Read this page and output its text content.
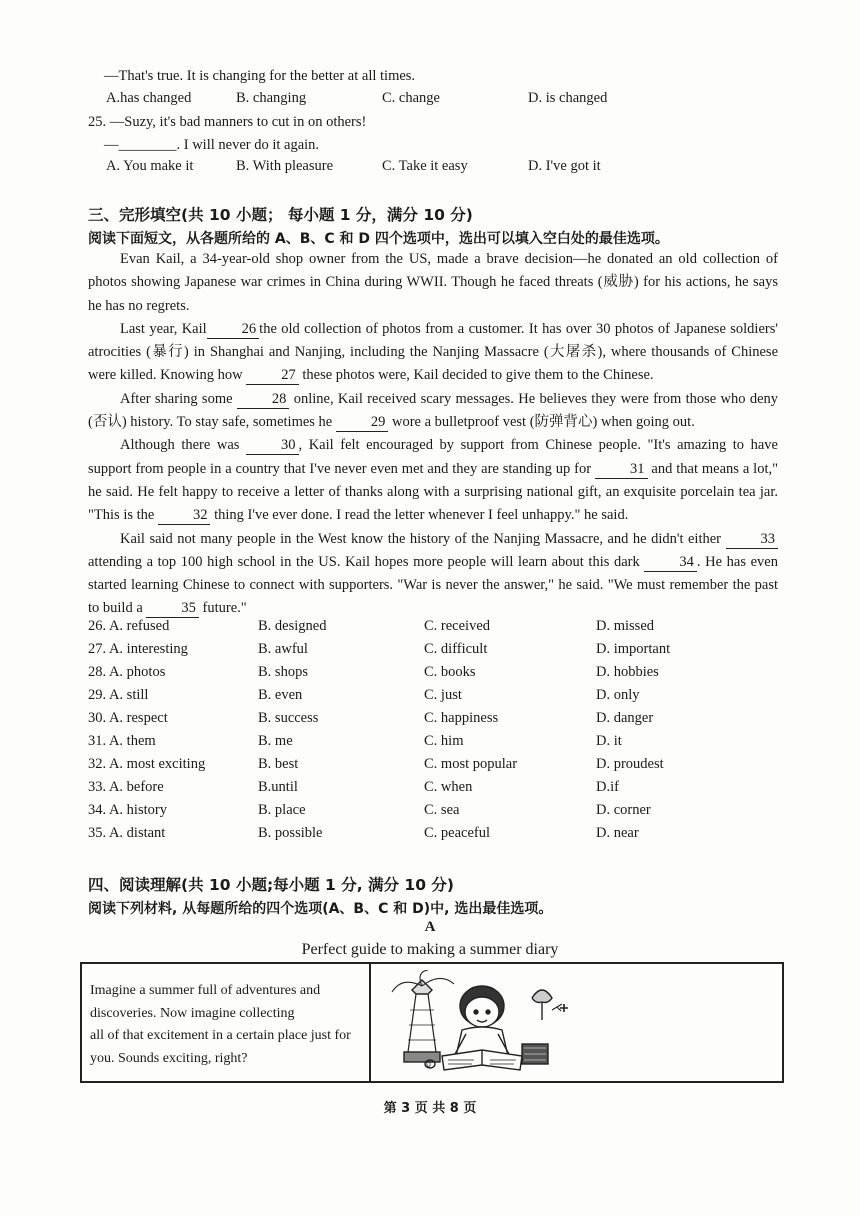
—That's true. It is changing for the better at all times.
A.has changed	B. changing	C. change	D. is changed
25. —Suzy, it's bad manners to cut in on others!
—________. I will never do it again.
A. You make it	B. With pleasure	C. Take it easy	D. I've got it
三、完形填空(共 10 小题； 每小题 1 分，满分 10 分)
阅读下面短文，从各题所给的 A、B、C 和 D 四个选项中，选出可以填入空白处的最佳选项。

Evan Kail, a 34-year-old shop owner from the US, made a brave decision—he donated an old collection of photos showing Japanese war crimes in China during WWII. Though he faced threats (威胁) for his actions, he says he has no regrets.

Last year, Kail 26 the old collection of photos from a customer. It has over 30 photos of Japanese soldiers' atrocities (暴行) in Shanghai and Nanjing, including the Nanjing Massacre (大屠杀), where thousands of Chinese were killed. Knowing how	27 these photos were, Kail decided to give them to the Chinese.

After sharing some	28 online, Kail received scary messages. He believes they were from those who deny (否认) history. To stay safe, sometimes he	29 wore a bulletproof vest (防弹背心) when going out.

Although there was	30 , Kail felt encouraged by support from Chinese people. "It's amazing to have support from people in a country that I've never even met and they are standing up for	31 and that means a lot," he said. He felt happy to receive a letter of thanks along with a surprising national gift, an exquisite porcelain tea jar. "This is the	32 thing I've ever done. I read the letter whenever I feel unhappy." he said.

Kail said not many people in the West know the history of the Nanjing Massacre, and he didn't either	33 attending a top 100 high school in the US. Kail hopes more people will learn about this dark	34 . He has even started learning Chinese to connect with supporters. "War is never the answer," he said. "We must remember the past to build a	35 future."

26. A. refused	B. designed	C. received	D. missed
27. A. interesting	B. awful	C. difficult	D. important
28. A. photos	B. shops	C. books	D. hobbies
29. A. still	B. even	C. just	D. only
30. A. respect	B. success	C. happiness	D. danger
31. A. them	B. me	C. him	D. it
32. A. most exciting	B. best	C. most popular	D. proudest
33. A. before	B.until	C. when	D.if
34. A. history	B. place	C. sea	D. corner
35. A. distant	B. possible	C. peaceful	D. near
四、阅读理解(共 10 小题;每小题 1 分, 满分 10 分)
阅读下列材料, 从每题所给的四个选项(A、B、C 和 D)中, 选出最佳选项。
A
Perfect guide to making a summer diary
Imagine a summer full of adventures and
discoveries. Now imagine collecting
all of that excitement in a certain place just for
you. Sounds exciting, right?	0
第 3 页 共 8 页
